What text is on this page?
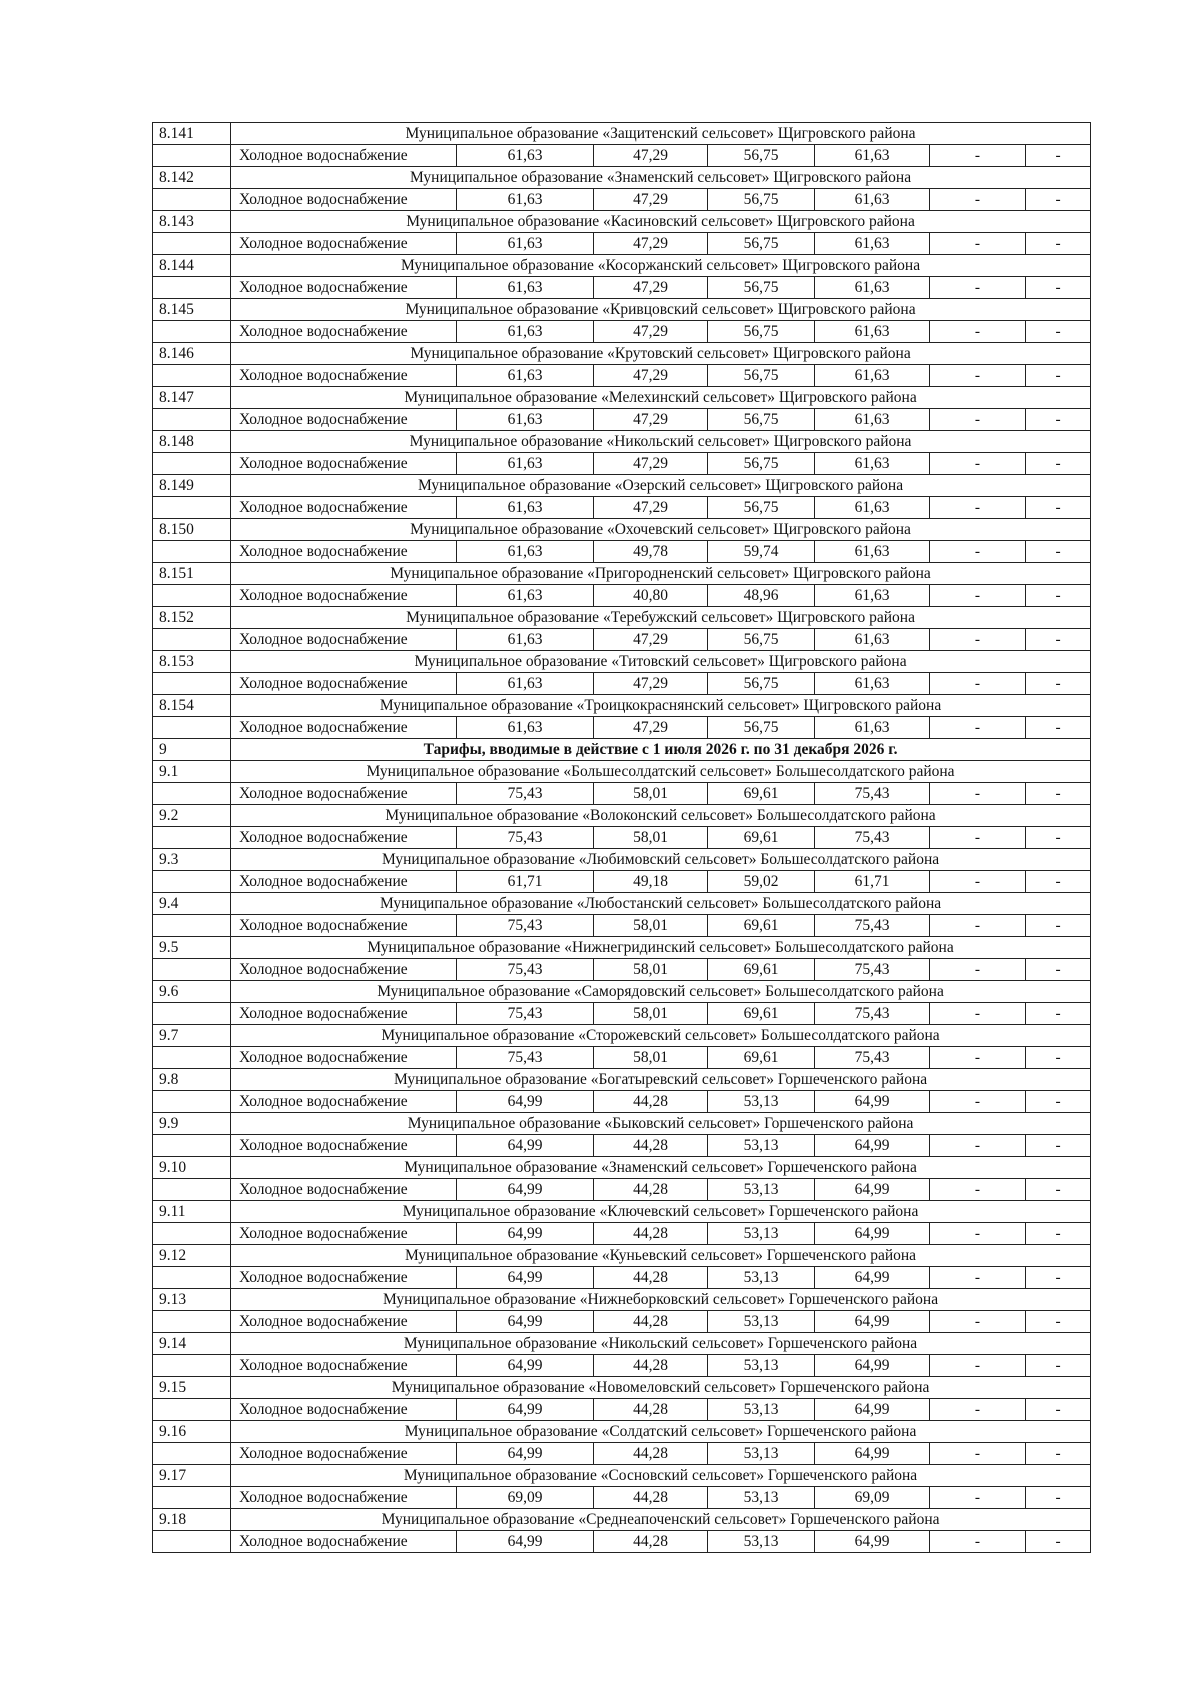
8.141	Муниципальное образование «Защитенский сельсовет» Щигровского района						
	Холодное водоснабжение	61,63	47,29	56,75	61,63	-	-
8.142	Муниципальное образование «Знаменский сельсовет» Щигровского района						
	Холодное водоснабжение	61,63	47,29	56,75	61,63	-	-
8.143	Муниципальное образование «Касиновский сельсовет» Щигровского района						
	Холодное водоснабжение	61,63	47,29	56,75	61,63	-	-
8.144	Муниципальное образование «Косоржанский сельсовет» Щигровского района						
	Холодное водоснабжение	61,63	47,29	56,75	61,63	-	-
8.145	Муниципальное образование «Кривцовский сельсовет» Щигровского района						
	Холодное водоснабжение	61,63	47,29	56,75	61,63	-	-
8.146	Муниципальное образование «Крутовский сельсовет» Щигровского района						
	Холодное водоснабжение	61,63	47,29	56,75	61,63	-	-
8.147	Муниципальное образование «Мелехинский сельсовет» Щигровского района						
	Холодное водоснабжение	61,63	47,29	56,75	61,63	-	-
8.148	Муниципальное образование «Никольский сельсовет» Щигровского района						
	Холодное водоснабжение	61,63	47,29	56,75	61,63	-	-
8.149	Муниципальное образование «Озерский сельсовет» Щигровского района						
	Холодное водоснабжение	61,63	47,29	56,75	61,63	-	-
8.150	Муниципальное образование «Охочевский сельсовет» Щигровского района						
	Холодное водоснабжение	61,63	49,78	59,74	61,63	-	-
8.151	Муниципальное образование «Пригородненский сельсовет» Щигровского района						
	Холодное водоснабжение	61,63	40,80	48,96	61,63	-	-
8.152	Муниципальное образование «Теребужский сельсовет» Щигровского района						
	Холодное водоснабжение	61,63	47,29	56,75	61,63	-	-
8.153	Муниципальное образование «Титовский сельсовет» Щигровского района						
	Холодное водоснабжение	61,63	47,29	56,75	61,63	-	-
8.154	Муниципальное образование «Троицкокраснянский сельсовет» Щигровского района						
	Холодное водоснабжение	61,63	47,29	56,75	61,63	-	-
9	Тарифы, вводимые в действие с 1 июля 2026 г. по 31 декабря 2026 г.						
9.1	Муниципальное образование «Большесолдатский сельсовет» Большесолдатского района						
	Холодное водоснабжение	75,43	58,01	69,61	75,43	-	-
9.2	Муниципальное образование «Волоконский сельсовет» Большесолдатского района						
	Холодное водоснабжение	75,43	58,01	69,61	75,43	-	-
9.3	Муниципальное образование «Любимовский сельсовет» Большесолдатского района						
	Холодное водоснабжение	61,71	49,18	59,02	61,71	-	-
9.4	Муниципальное образование «Любостанский сельсовет» Большесолдатского района						
	Холодное водоснабжение	75,43	58,01	69,61	75,43	-	-
9.5	Муниципальное образование «Нижнегридинский сельсовет» Большесолдатского района						
	Холодное водоснабжение	75,43	58,01	69,61	75,43	-	-
9.6	Муниципальное образование «Саморядовский сельсовет» Большесолдатского района						
	Холодное водоснабжение	75,43	58,01	69,61	75,43	-	-
9.7	Муниципальное образование «Сторожевский сельсовет» Большесолдатского района						
	Холодное водоснабжение	75,43	58,01	69,61	75,43	-	-
9.8	Муниципальное образование «Богатыревский сельсовет» Горшеченского района						
	Холодное водоснабжение	64,99	44,28	53,13	64,99	-	-
9.9	Муниципальное образование «Быковский сельсовет» Горшеченского района						
	Холодное водоснабжение	64,99	44,28	53,13	64,99	-	-
9.10	Муниципальное образование «Знаменский сельсовет» Горшеченского района						
	Холодное водоснабжение	64,99	44,28	53,13	64,99	-	-
9.11	Муниципальное образование «Ключевский сельсовет» Горшеченского района						
	Холодное водоснабжение	64,99	44,28	53,13	64,99	-	-
9.12	Муниципальное образование «Куньевский сельсовет» Горшеченского района						
	Холодное водоснабжение	64,99	44,28	53,13	64,99	-	-
9.13	Муниципальное образование «Нижнеборковский сельсовет» Горшеченского района						
	Холодное водоснабжение	64,99	44,28	53,13	64,99	-	-
9.14	Муниципальное образование «Никольский сельсовет» Горшеченского района						
	Холодное водоснабжение	64,99	44,28	53,13	64,99	-	-
9.15	Муниципальное образование «Новомеловский сельсовет» Горшеченского района						
	Холодное водоснабжение	64,99	44,28	53,13	64,99	-	-
9.16	Муниципальное образование «Солдатский сельсовет» Горшеченского района						
	Холодное водоснабжение	64,99	44,28	53,13	64,99	-	-
9.17	Муниципальное образование «Сосновский сельсовет» Горшеченского района						
	Холодное водоснабжение	69,09	44,28	53,13	69,09	-	-
9.18	Муниципальное образование «Среднеапоченский сельсовет» Горшеченского района						
	Холодное водоснабжение	64,99	44,28	53,13	64,99	-	-
